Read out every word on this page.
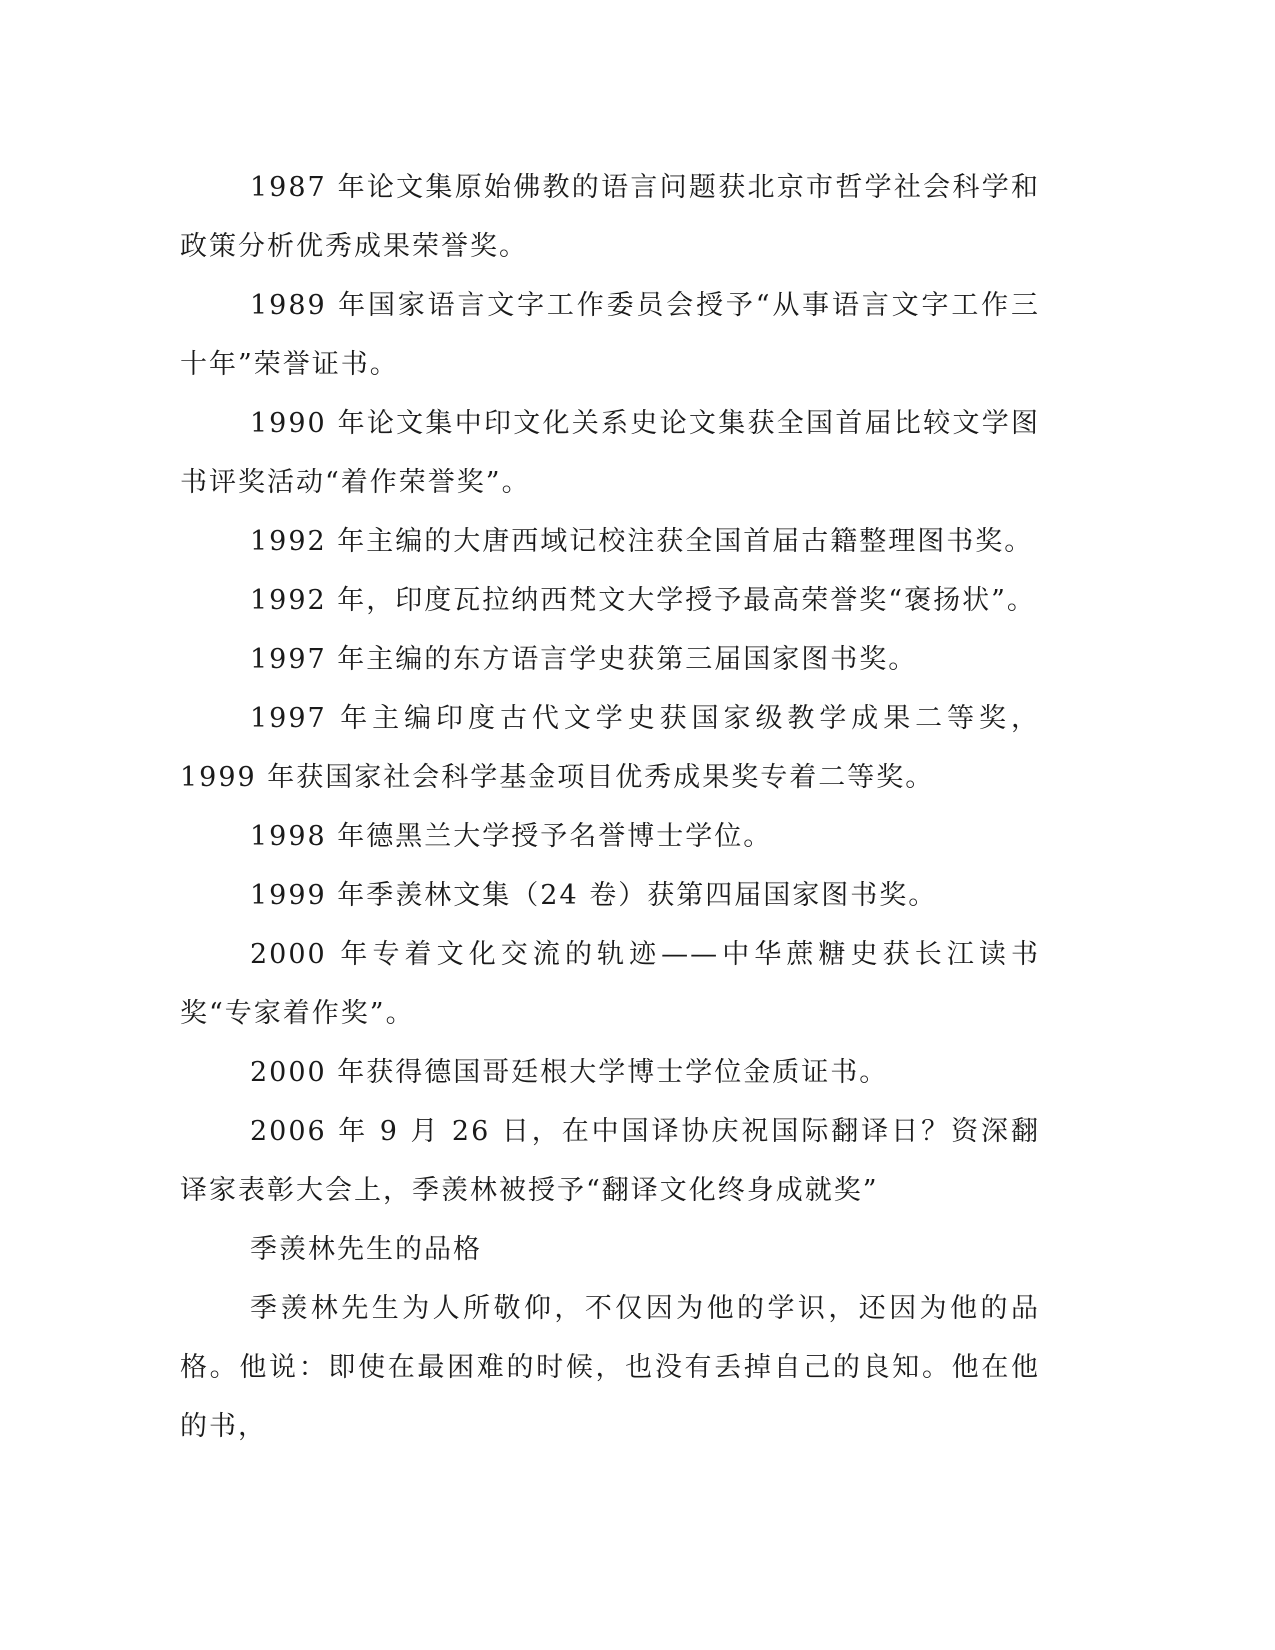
1987 年论文集原始佛教的语言问题获北京市哲学社会科学和政策分析优秀成果荣誉奖。

1989 年国家语言文字工作委员会授予“从事语言文字工作三十年”荣誉证书。

1990 年论文集中印文化关系史论文集获全国首届比较文学图书评奖活动“着作荣誉奖”。

1992 年主编的大唐西域记校注获全国首届古籍整理图书奖。

1992 年，印度瓦拉纳西梵文大学授予最高荣誉奖“褒扬状”。

1997 年主编的东方语言学史获第三届国家图书奖。

1997 年主编印度古代文学史获国家级教学成果二等奖，1999 年获国家社会科学基金项目优秀成果奖专着二等奖。

1998 年德黑兰大学授予名誉博士学位。

1999 年季羡林文集（24 卷）获第四届国家图书奖。

2000 年专着文化交流的轨迹——中华蔗糖史获长江读书奖“专家着作奖”。

2000 年获得德国哥廷根大学博士学位金质证书。

2006 年 9 月 26 日，在中国译协庆祝国际翻译日？资深翻译家表彰大会上，季羡林被授予“翻译文化终身成就奖”

季羡林先生的品格

季羡林先生为人所敬仰，不仅因为他的学识，还因为他的品格。他说：即使在最困难的时候，也没有丢掉自己的良知。他在他的书，
